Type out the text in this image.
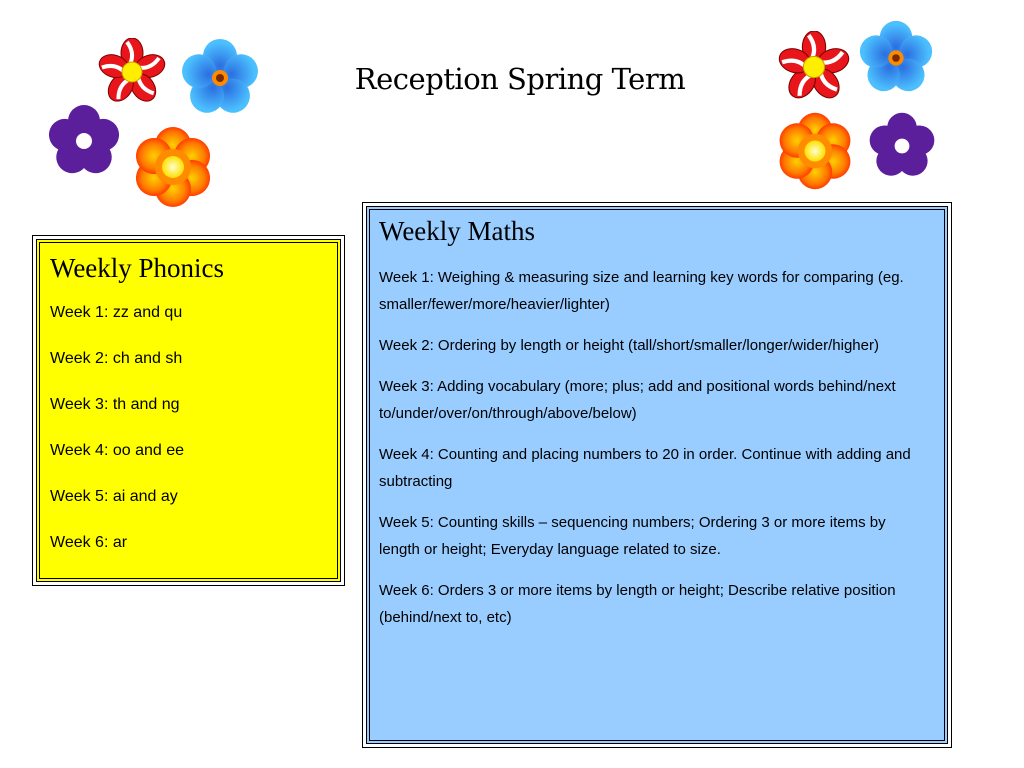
Reception Spring Term
Weekly Phonics

Week 1: zz and qu

Week 2: ch and sh

Week 3: th and ng

Week 4: oo and ee

Week 5: ai and ay

Week 6: ar

Weekly Maths

Week 1: Weighing & measuring size and learning key words for comparing (eg. smaller/fewer/more/heavier/lighter)

Week 2: Ordering by length or height (tall/short/smaller/longer/wider/higher)

Week 3: Adding vocabulary (more; plus; add and positional words behind/next to/under/over/on/through/above/below)

Week 4: Counting and placing numbers to 20 in order. Continue with adding and subtracting

Week 5: Counting skills – sequencing numbers; Ordering 3 or more items by length or height; Everyday language related to size.

Week 6: Orders 3 or more items by length or height; Describe relative position (behind/next to, etc)
